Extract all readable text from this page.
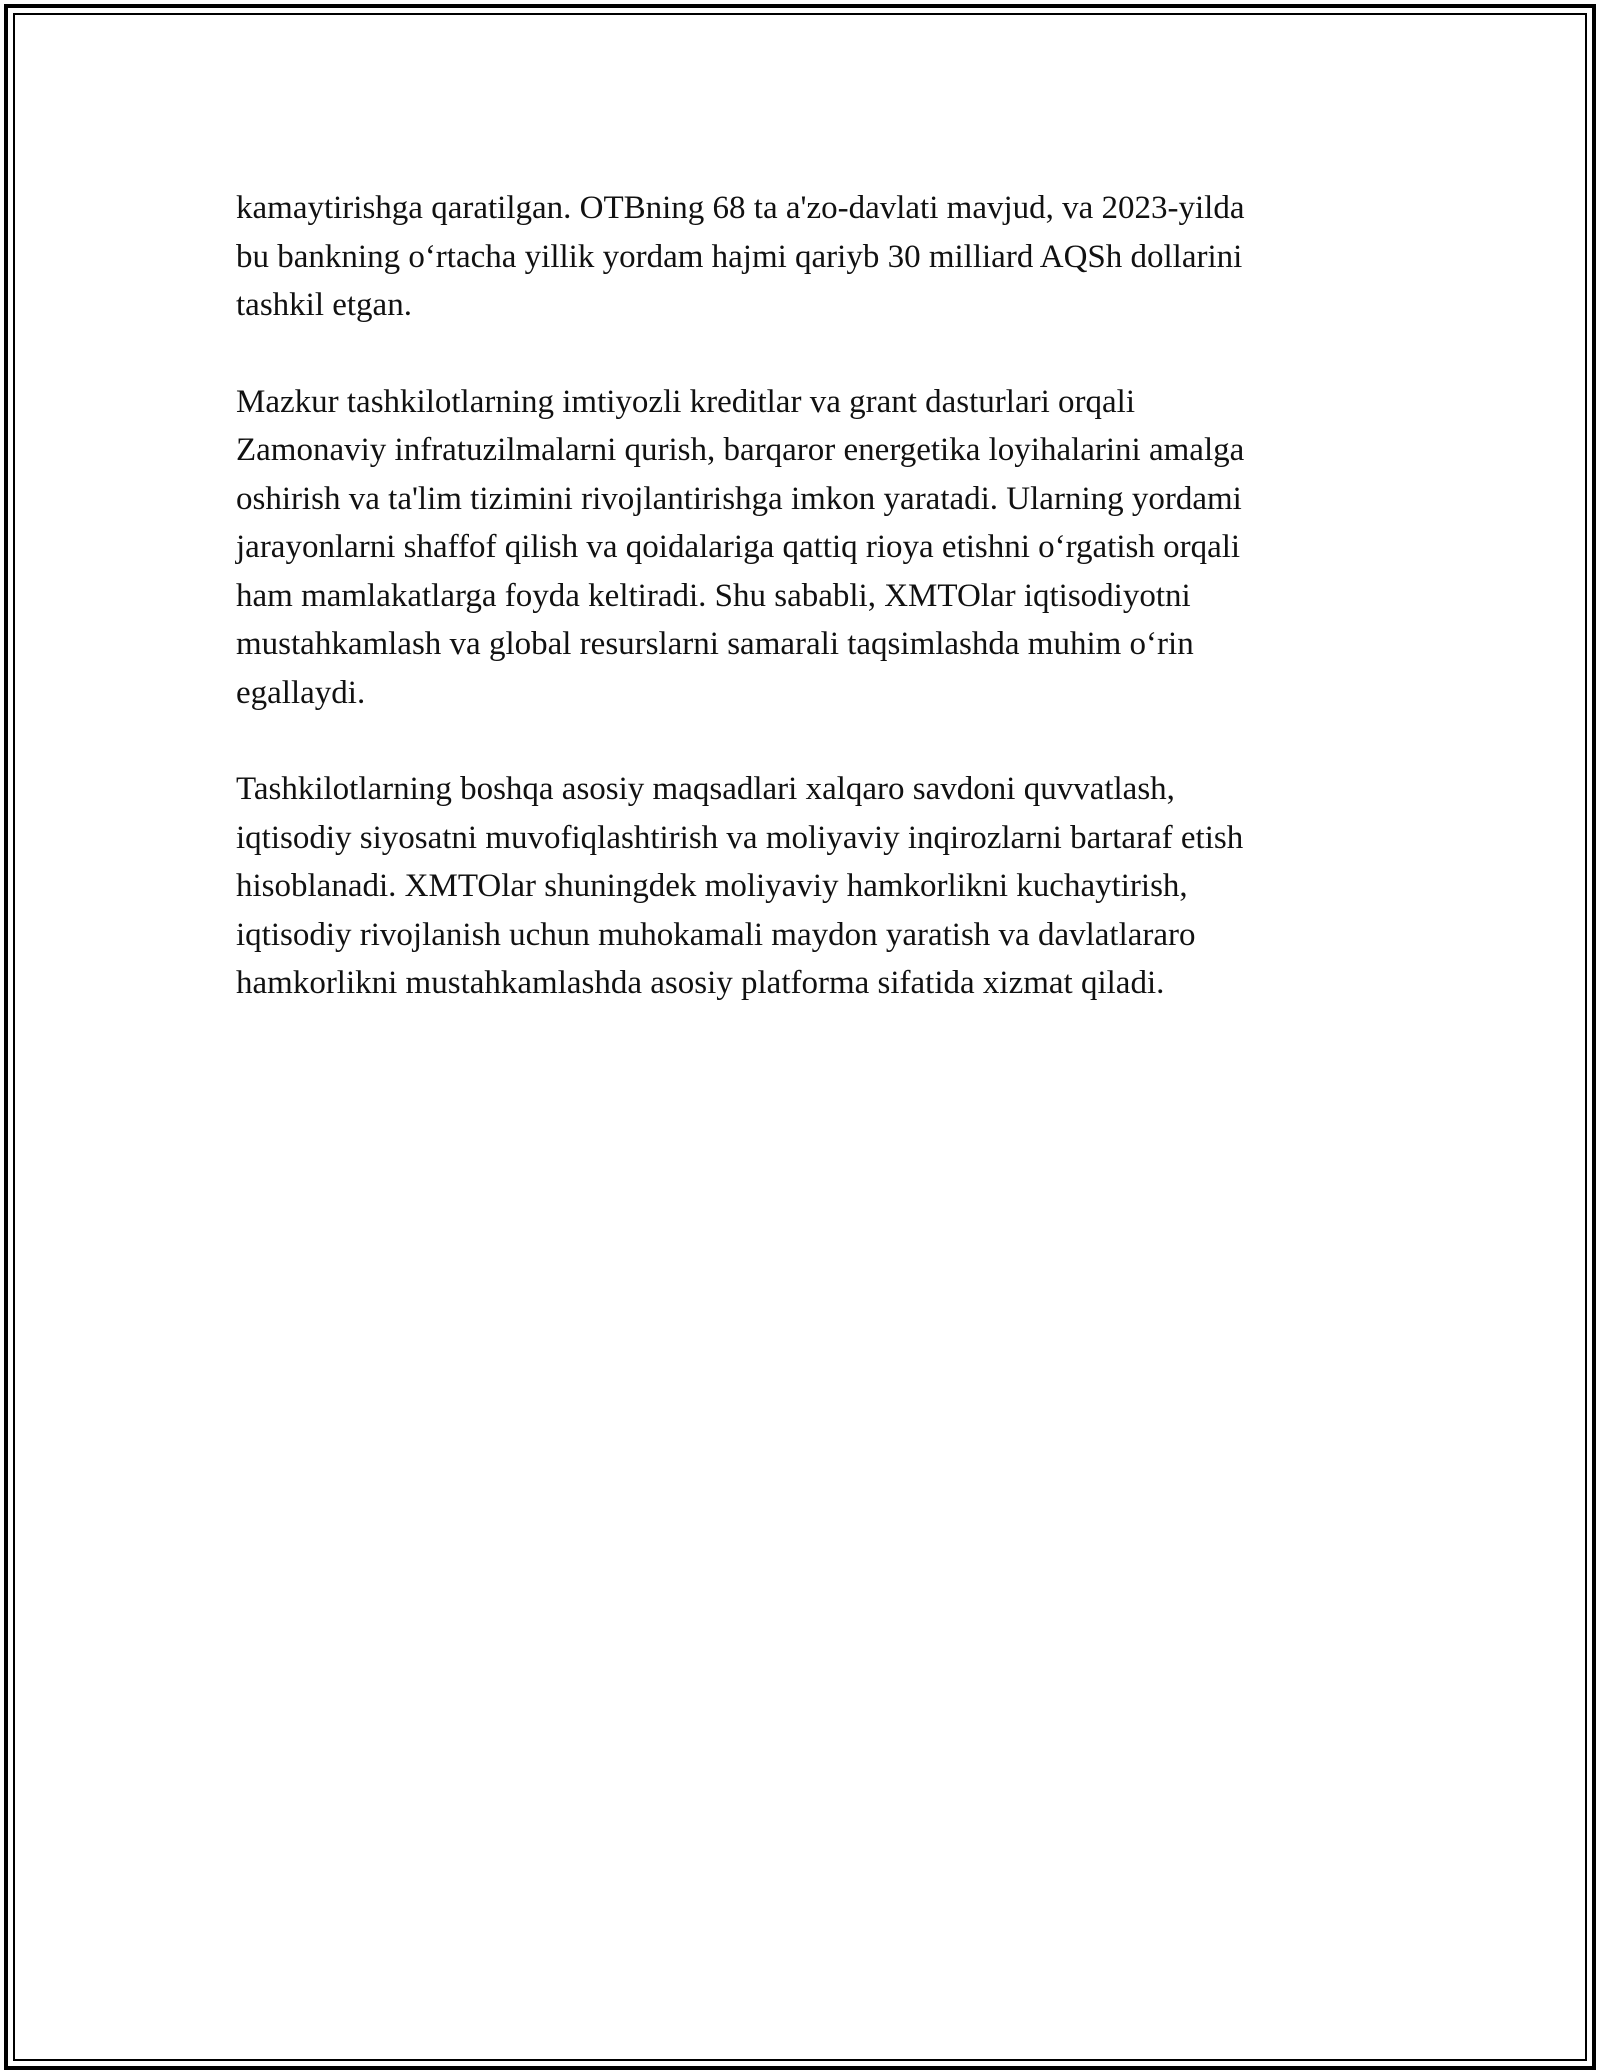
kamaytirishga qaratilgan. OTBning 68 ta a'zo-davlati mavjud, va 2023-yilda
bu bankning o‘rtacha yillik yordam hajmi qariyb 30 milliard AQSh dollarini
tashkil etgan.

Mazkur tashkilotlarning imtiyozli kreditlar va grant dasturlari orqali
Zamonaviy infratuzilmalarni qurish, barqaror energetika loyihalarini amalga
oshirish va ta'lim tizimini rivojlantirishga imkon yaratadi. Ularning yordami
jarayonlarni shaffof qilish va qoidalariga qattiq rioya etishni o‘rgatish orqali
ham mamlakatlarga foyda keltiradi. Shu sababli, XMTOlar iqtisodiyotni
mustahkamlash va global resurslarni samarali taqsimlashda muhim o‘rin
egallaydi.

Tashkilotlarning boshqa asosiy maqsadlari xalqaro savdoni quvvatlash,
iqtisodiy siyosatni muvofiqlashtirish va moliyaviy inqirozlarni bartaraf etish
hisoblanadi. XMTOlar shuningdek moliyaviy hamkorlikni kuchaytirish,
iqtisodiy rivojlanish uchun muhokamali maydon yaratish va davlatlararo
hamkorlikni mustahkamlashda asosiy platforma sifatida xizmat qiladi.
